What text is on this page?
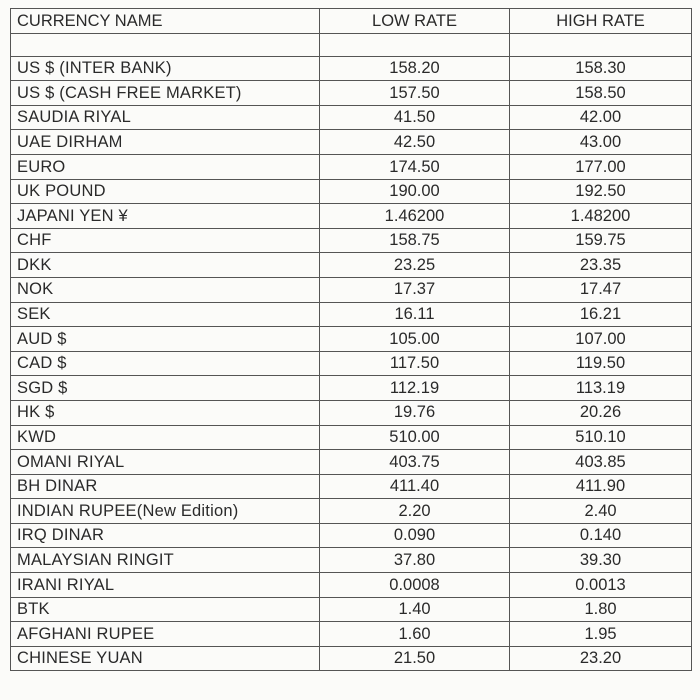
CURRENCY NAME	LOW RATE	HIGH RATE

US $ (INTER BANK)	158.20	158.30
US $ (CASH FREE MARKET)	157.50	158.50
SAUDIA RIYAL	41.50	42.00
UAE DIRHAM	42.50	43.00
EURO	174.50	177.00
UK POUND	190.00	192.50
JAPANI YEN ¥	1.46200	1.48200
CHF	158.75	159.75
DKK	23.25	23.35
NOK	17.37	17.47
SEK	16.11	16.21
AUD $	105.00	107.00
CAD $	117.50	119.50
SGD $	112.19	113.19
HK $	19.76	20.26
KWD	510.00	510.10
OMANI RIYAL	403.75	403.85
BH DINAR	411.40	411.90
INDIAN RUPEE(New Edition)	2.20	2.40
IRQ DINAR	0.090	0.140
MALAYSIAN RINGIT	37.80	39.30
IRANI RIYAL	0.0008	0.0013
BTK	1.40	1.80
AFGHANI RUPEE	1.60	1.95
CHINESE YUAN	21.50	23.20
